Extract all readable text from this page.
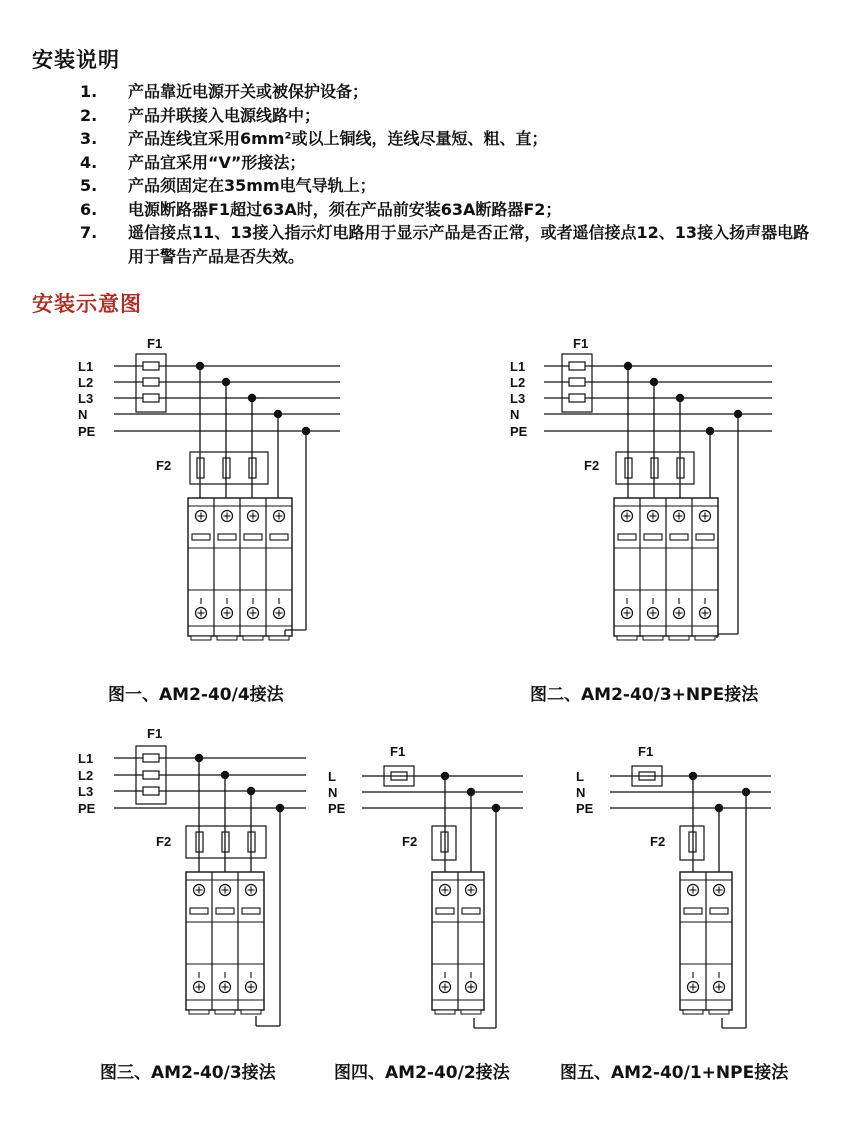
安装说明
1. 产品靠近电源开关或被保护设备；
2. 产品并联接入电源线路中；
3. 产品连线宜采用6mm²或以上铜线，连线尽量短、粗、直；
4. 产品宜采用“V”形接法；
5. 产品须固定在35mm电气导轨上；
6. 电源断路器F1超过63A时，须在产品前安装63A断路器F2；
7. 遥信接点11、13接入指示灯电路用于显示产品是否正常，或者遥信接点12、13接入扬声器电路用于警告产品是否失效。
安装示意图
F1
L1
L2
L3
N
PE
F2
图一、AM2-40/4接法
F1
L1
L2
L3
N
PE
F2
图二、AM2-40/3+NPE接法
F1
L1
L2
L3
PE
F2
图三、AM2-40/3接法
F1
L
N
PE
F2
图四、AM2-40/2接法
F1
L
N
PE
F2
图五、AM2-40/1+NPE接法
